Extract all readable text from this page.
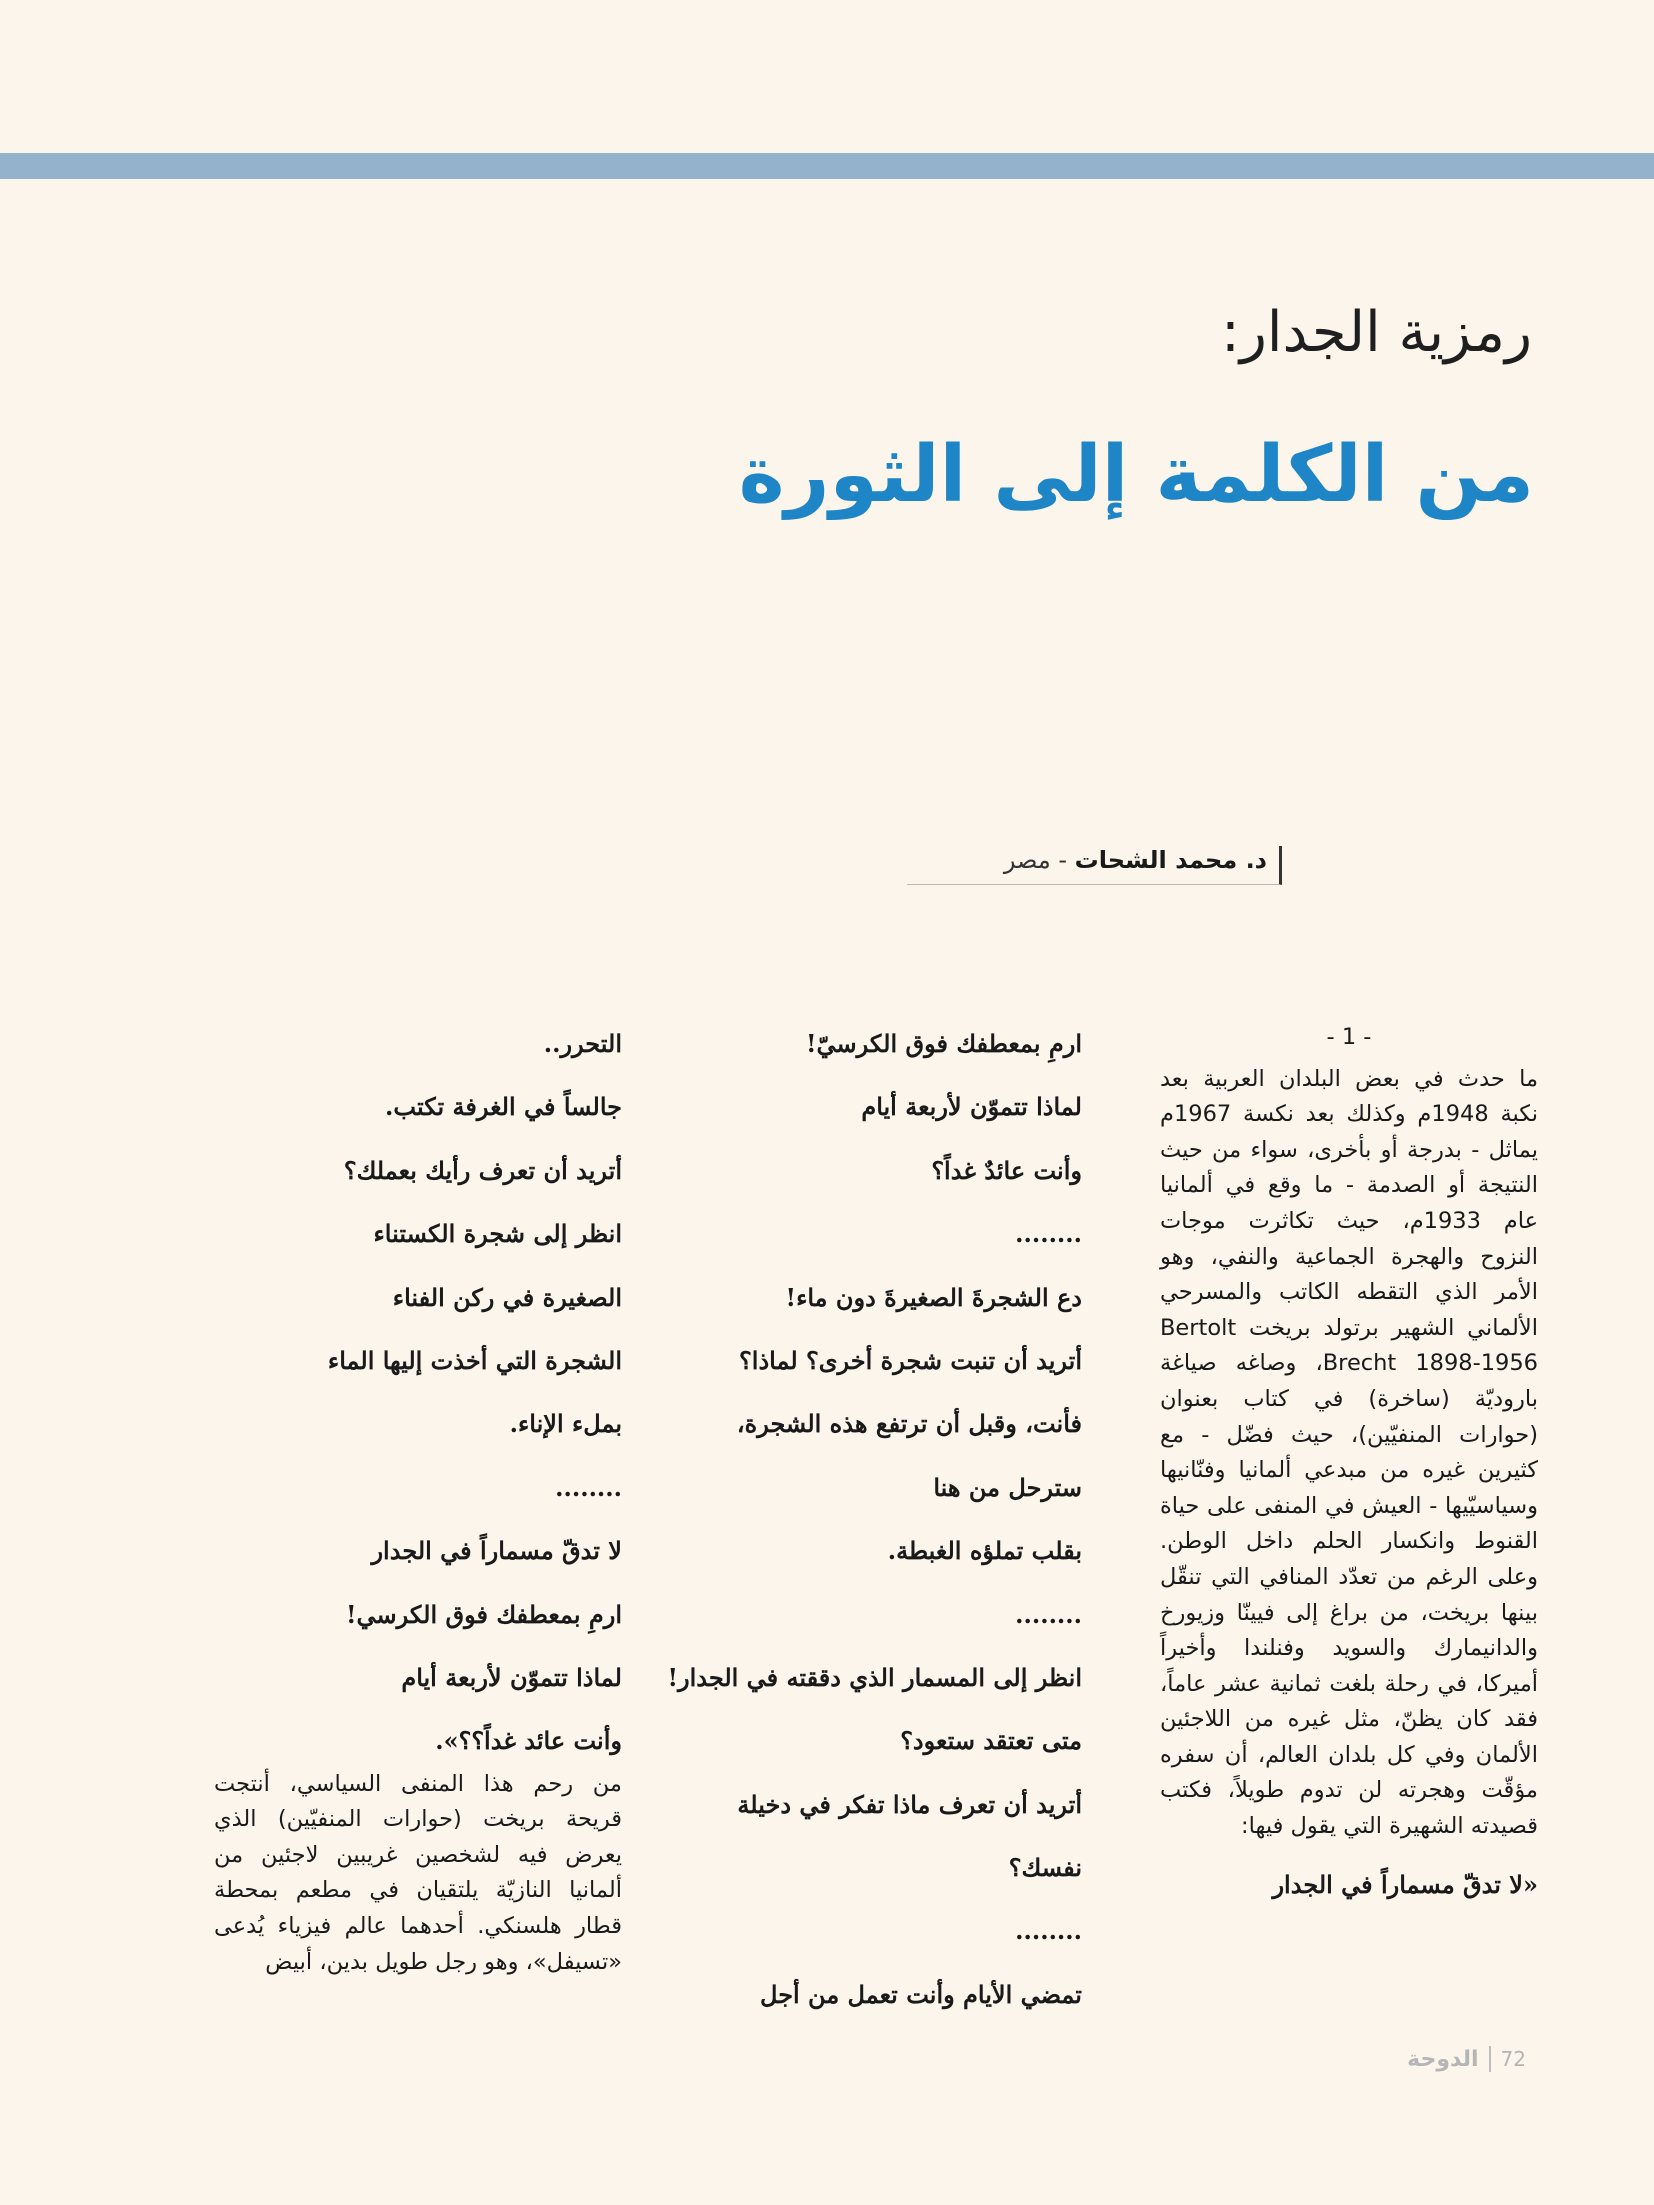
رمزية الجدار:
من الكلمة إلى الثورة
د. محمد الشحات - مصر
- 1 -

ما حدث في بعض البلدان العربية بعد نكبة 1948م وكذلك بعد نكسة 1967م يماثل - بدرجة أو بأخرى، سواء من حيث النتيجة أو الصدمة - ما وقع في ألمانيا عام 1933م، حيث تكاثرت موجات النزوح والهجرة الجماعية والنفي، وهو الأمر الذي التقطه الكاتب والمسرحي الألماني الشهير برتولد بريخت Bertolt Brecht 1898-1956، وصاغه صياغة باروديّة (ساخرة) في كتاب بعنوان (حوارات المنفيّين)، حيث فضّل - مع كثيرين غيره من مبدعي ألمانيا وفنّانيها وسياسيّيها - العيش في المنفى على حياة القنوط وانكسار الحلم داخل الوطن. وعلى الرغم من تعدّد المنافي التي تنقّل بينها بريخت، من براغ إلى فيينّا وزيورخ والدانيمارك والسويد وفنلندا وأخيراً أميركا، في رحلة بلغت ثمانية عشر عاماً، فقد كان يظنّ، مثل غيره من اللاجئين الألمان وفي كل بلدان العالم، أن سفره مؤقّت وهجرته لن تدوم طويلاً، فكتب قصيدته الشهيرة التي يقول فيها:

«لا تدقّ مسماراً في الجدار
ارمِ بمعطفك فوق الكرسيّ!
لماذا تتموّن لأربعة أيام
وأنت عائدٌ غداً؟
........
دع الشجرةَ الصغيرةَ دون ماء!
أتريد أن تنبت شجرة أخرى؟ لماذا؟
فأنت، وقبل أن ترتفع هذه الشجرة،
سترحل من هنا
بقلب تملؤه الغبطة.
........
انظر إلى المسمار الذي دققته في الجدار!
متى تعتقد ستعود؟
أتريد أن تعرف ماذا تفكر في دخيلة
نفسك؟
........
تمضي الأيام وأنت تعمل من أجل
التحرر..
جالساً في الغرفة تكتب.
أتريد أن تعرف رأيك بعملك؟
انظر إلى شجرة الكستناء
الصغيرة في ركن الفناء
الشجرة التي أخذت إليها الماء
بملء الإناء.
........
لا تدقّ مسماراً في الجدار
ارمِ بمعطفك فوق الكرسي!
لماذا تتموّن لأربعة أيام
وأنت عائد غداً؟؟».

من رحم هذا المنفى السياسي، أنتجت قريحة بريخت (حوارات المنفيّين) الذي يعرض فيه لشخصين غريبين لاجئين من ألمانيا النازيّة يلتقيان في مطعم بمحطة قطار هلسنكي. أحدهما عالم فيزياء يُدعى «تسيفل»، وهو رجل طويل بدين، أبيض

الدوحة 72
